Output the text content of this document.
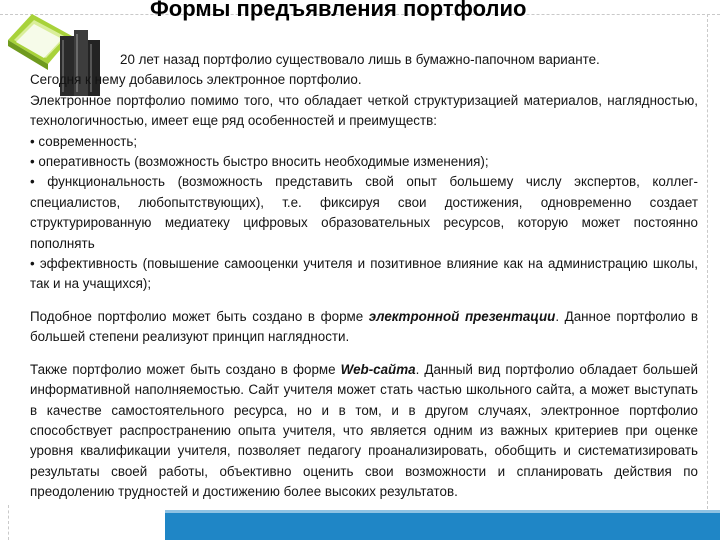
Формы предъявления портфолио

20 лет назад портфолио существовало лишь в бумажно-папочном варианте.

Сегодня к нему добавилось электронное портфолио.

Электронное портфолио помимо того, что обладает четкой структуризацией материалов, наглядностью, технологичностью, имеет еще ряд особенностей и преимуществ:

• современность;

• оперативность (возможность быстро вносить необходимые изменения);

• функциональность (возможность представить свой опыт большему числу экспертов, коллег-специалистов, любопытствующих), т.е. фиксируя свои достижения, одновременно создает структурированную медиатеку цифровых образовательных ресурсов, которую может постоянно пополнять

• эффективность (повышение самооценки учителя и позитивное влияние как на администрацию школы, так и на учащихся);

Подобное портфолио может быть создано в форме электронной презентации. Данное портфолио в большей степени реализуют принцип наглядности.

Также портфолио может быть создано в форме Web-сайта. Данный вид портфолио обладает большей информативной наполняемостью. Сайт учителя может стать частью школьного сайта, а может выступать в качестве самостоятельного ресурса, но и в том, и в другом случаях, электронное портфолио способствует распространению опыта учителя, что является одним из важных критериев при оценке уровня квалификации учителя, позволяет педагогу проанализировать, обобщить и систематизировать результаты своей работы, объективно оценить свои возможности и спланировать действия по преодолению трудностей и достижению более высоких результатов.
